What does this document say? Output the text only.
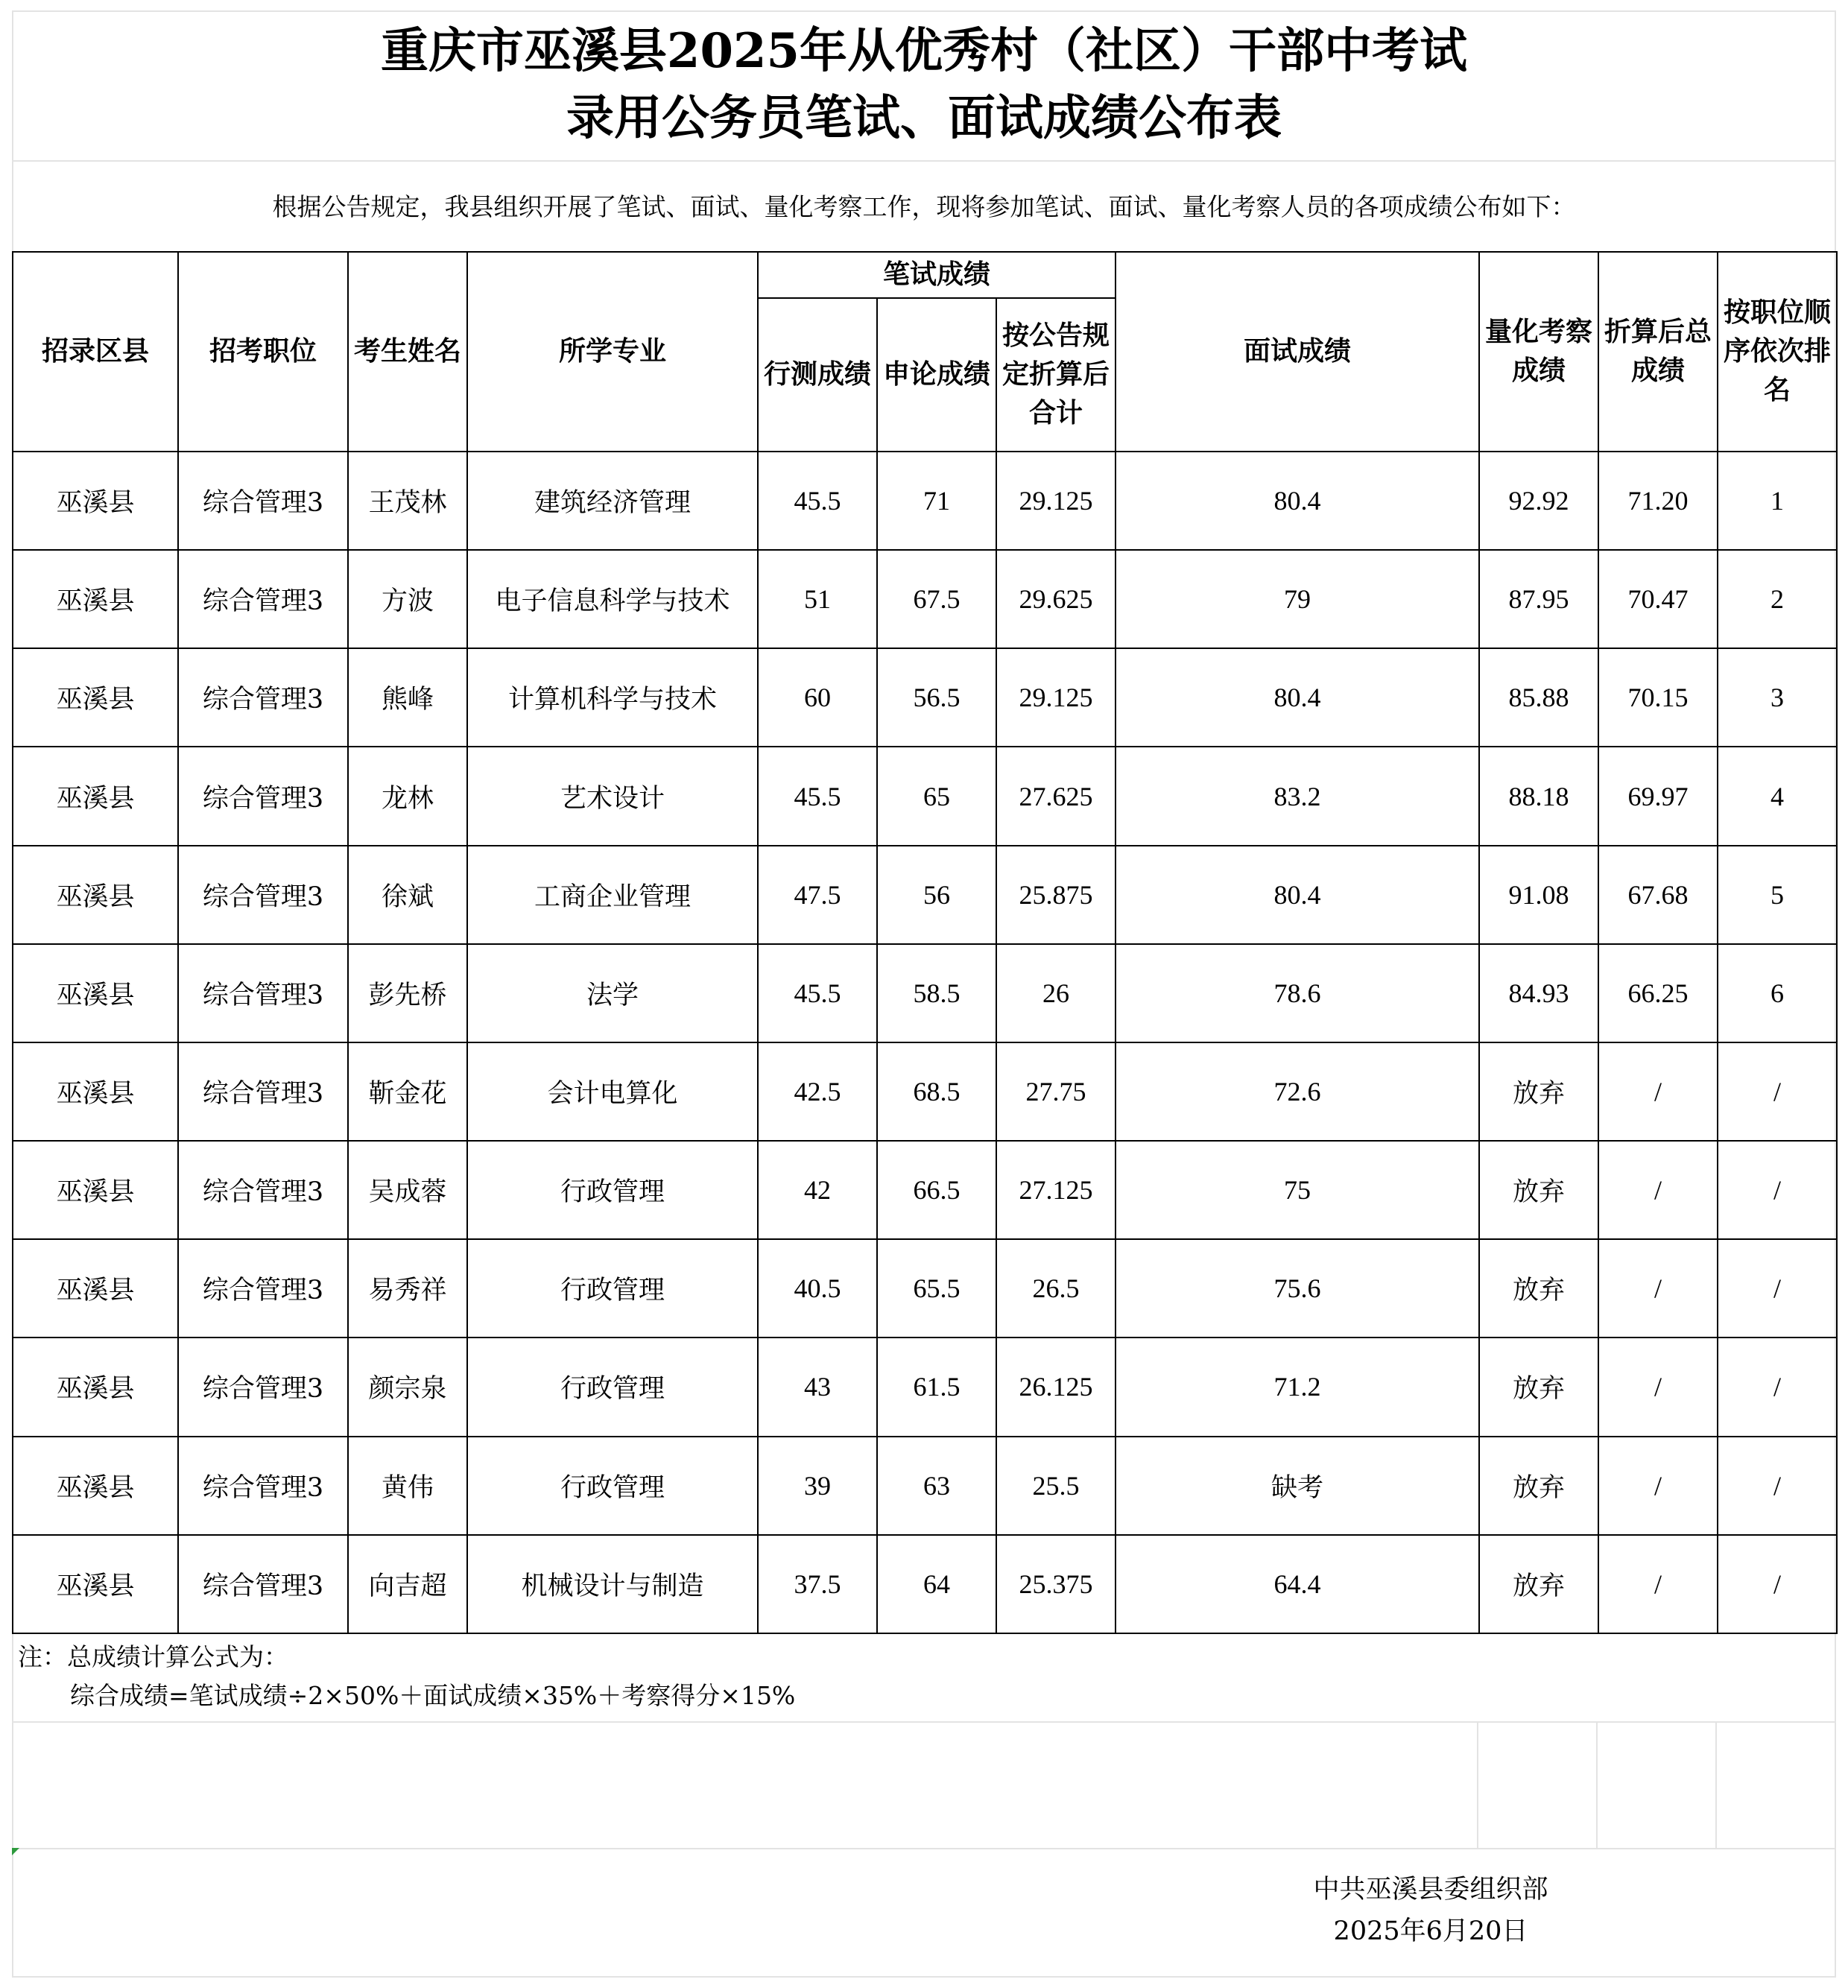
重庆市巫溪县2025年从优秀村（社区）干部中考试
录用公务员笔试、面试成绩公布表
根据公告规定，我县组织开展了笔试、面试、量化考察工作，现将参加笔试、面试、量化考察人员的各项成绩公布如下：
招录区县	招考职位	考生姓名	所学专业	笔试成绩			面试成绩	量化考察成绩	折算后总成绩	按职位顺序依次排名
				行测成绩	申论成绩	按公告规定折算后合计				
巫溪县	综合管理3	王茂林	建筑经济管理	45.5	71	29.125	80.4	92.92	71.20	1
巫溪县	综合管理3	方波	电子信息科学与技术	51	67.5	29.625	79	87.95	70.47	2
巫溪县	综合管理3	熊峰	计算机科学与技术	60	56.5	29.125	80.4	85.88	70.15	3
巫溪县	综合管理3	龙林	艺术设计	45.5	65	27.625	83.2	88.18	69.97	4
巫溪县	综合管理3	徐斌	工商企业管理	47.5	56	25.875	80.4	91.08	67.68	5
巫溪县	综合管理3	彭先桥	法学	45.5	58.5	26	78.6	84.93	66.25	6
巫溪县	综合管理3	靳金花	会计电算化	42.5	68.5	27.75	72.6	放弃	/	/
巫溪县	综合管理3	吴成蓉	行政管理	42	66.5	27.125	75	放弃	/	/
巫溪县	综合管理3	易秀祥	行政管理	40.5	65.5	26.5	75.6	放弃	/	/
巫溪县	综合管理3	颜宗泉	行政管理	43	61.5	26.125	71.2	放弃	/	/
巫溪县	综合管理3	黄伟	行政管理	39	63	25.5	缺考	放弃	/	/
巫溪县	综合管理3	向吉超	机械设计与制造	37.5	64	25.375	64.4	放弃	/	/
注：总成绩计算公式为：
综合成绩=笔试成绩÷2×50%＋面试成绩×35%＋考察得分×15%
中共巫溪县委组织部
2025年6月20日
